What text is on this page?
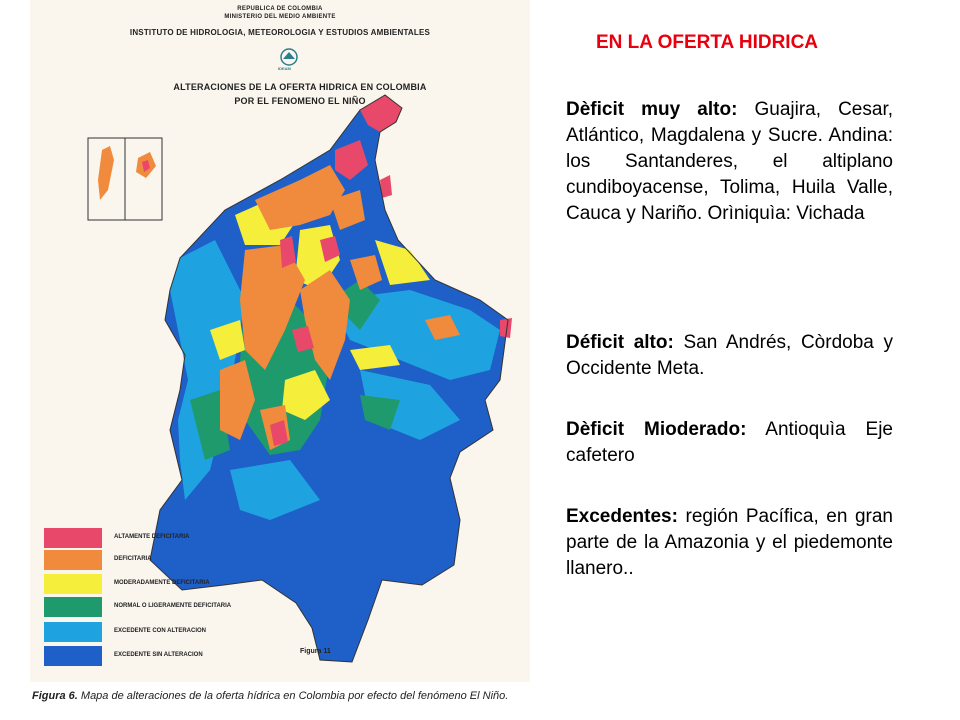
REPUBLICA DE COLOMBIA
MINISTERIO DEL MEDIO AMBIENTE
INSTITUTO DE HIDROLOGIA, METEOROLOGIA Y ESTUDIOS AMBIENTALES
IDEAM
ALTERACIONES DE LA OFERTA HIDRICA EN COLOMBIA
POR EL FENOMENO EL NIÑO
ALTAMENTE DEFICITARIA
DEFICITARIA
MODERADAMENTE DEFICITARIA
NORMAL O LIGERAMENTE DEFICITARIA
EXCEDENTE CON ALTERACION
EXCEDENTE SIN ALTERACION	Figura 11
Figura 6. Mapa de alteraciones de la oferta hídrica en Colombia por efecto del fenómeno El Niño.
EN LA OFERTA HIDRICA
Dèficit muy alto: Guajira, Cesar, Atlántico, Magdalena y Sucre. Andina: los Santanderes, el altiplano cundiboyacense, Tolima, Huila Valle, Cauca y Nariño. Orìniquìa: Vichada
Déficit alto: San Andrés, Còrdoba y Occidente Meta.
Dèficit Mioderado: Antioquìa Eje cafetero
Excedentes: región Pacífica, en gran parte de la Amazonia y el piedemonte llanero..
